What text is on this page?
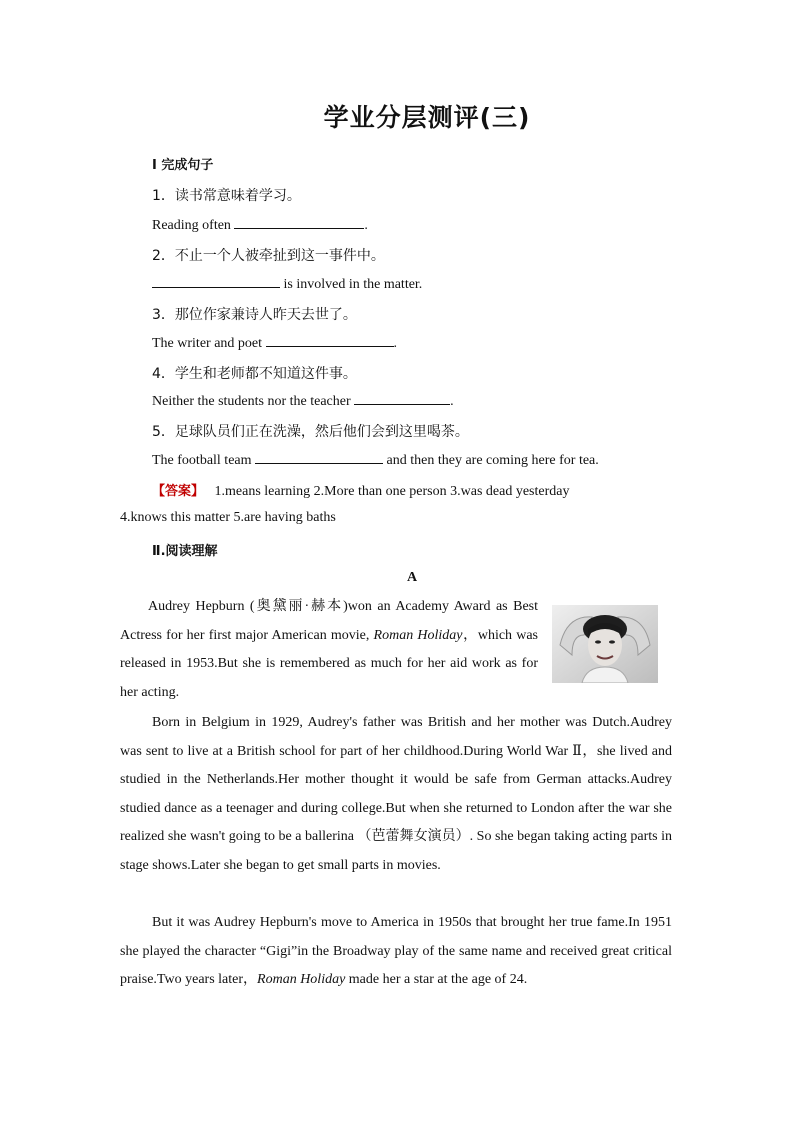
学业分层测评(三)
Ⅰ 完成句子
1．读书常意味着学习。
Reading often	.
2．不止一个人被牵扯到这一事件中。
is involved in the matter.
3．那位作家兼诗人昨天去世了。
The writer and poet	.
4．学生和老师都不知道这件事。
Neither the students nor the teacher	.
5．足球队员们正在洗澡，然后他们会到这里喝茶。
The football team	and then they are coming here for tea.
【答案】 1.means learning 2.More than one person 3.was dead yesterday
4.knows this matter 5.are having baths
Ⅱ.阅读理解
A
Audrey Hepburn (奥黛丽·赫本)won an Academy Award as Best Actress for her first major American movie, Roman Holiday，which was released in 1953.But she is remembered as much for her aid work as for her acting.
Born in Belgium in 1929, Audrey's father was British and her mother was Dutch.Audrey was sent to live at a British school for part of her childhood.During World War Ⅱ，she lived and studied in the Netherlands.Her mother thought it would be safe from German attacks.Audrey studied dance as a teenager and during college.But when she returned to London after the war she realized she wasn't going to be a ballerina （芭蕾舞女演员）. So she began taking acting parts in stage shows.Later she began to get small parts in movies.
But it was Audrey Hepburn's move to America in 1950s that brought her true fame.In 1951 she played the character “Gigi”in the Broadway play of the same name and received great critical praise.Two years later，Roman Holiday made her a star at the age of 24.
